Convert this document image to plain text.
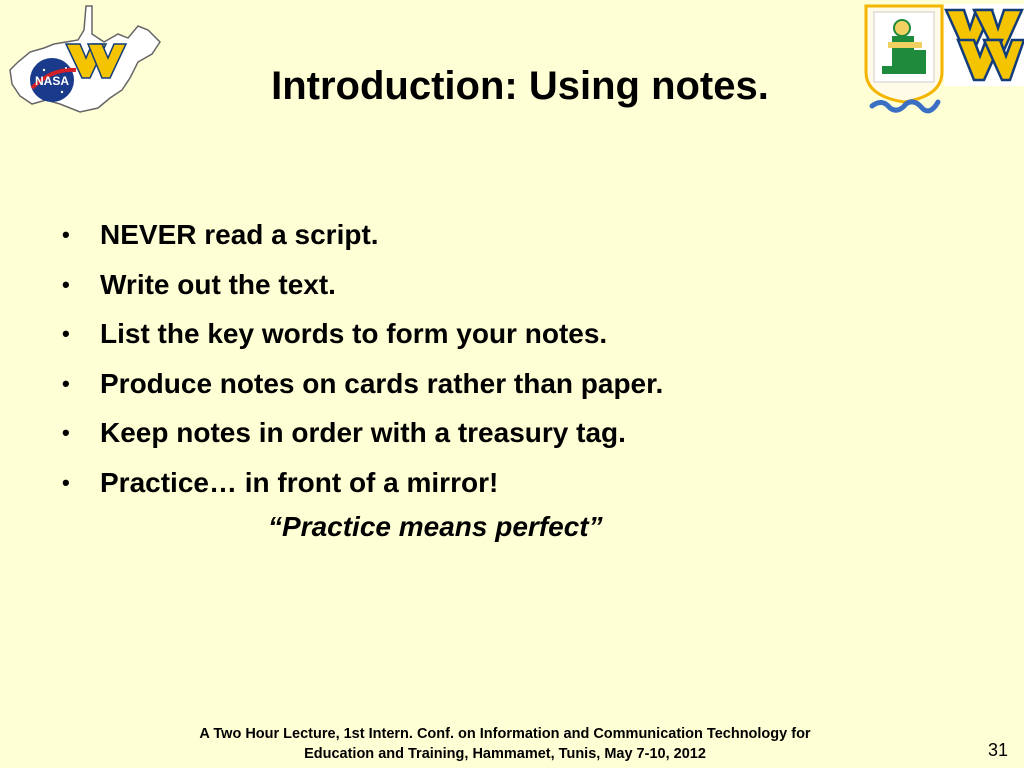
NASA	Introduction: Using notes.
• NEVER read a script.
• Write out the text.
• List the key words to form your notes.
• Produce notes on cards rather than paper.
• Keep notes in order with a treasury tag.
• Practice… in front of a mirror!
“Practice means perfect”
A Two Hour Lecture, 1st Intern. Conf. on Information and Communication Technology for
Education and Training, Hammamet, Tunis, May 7-10, 2012	31
